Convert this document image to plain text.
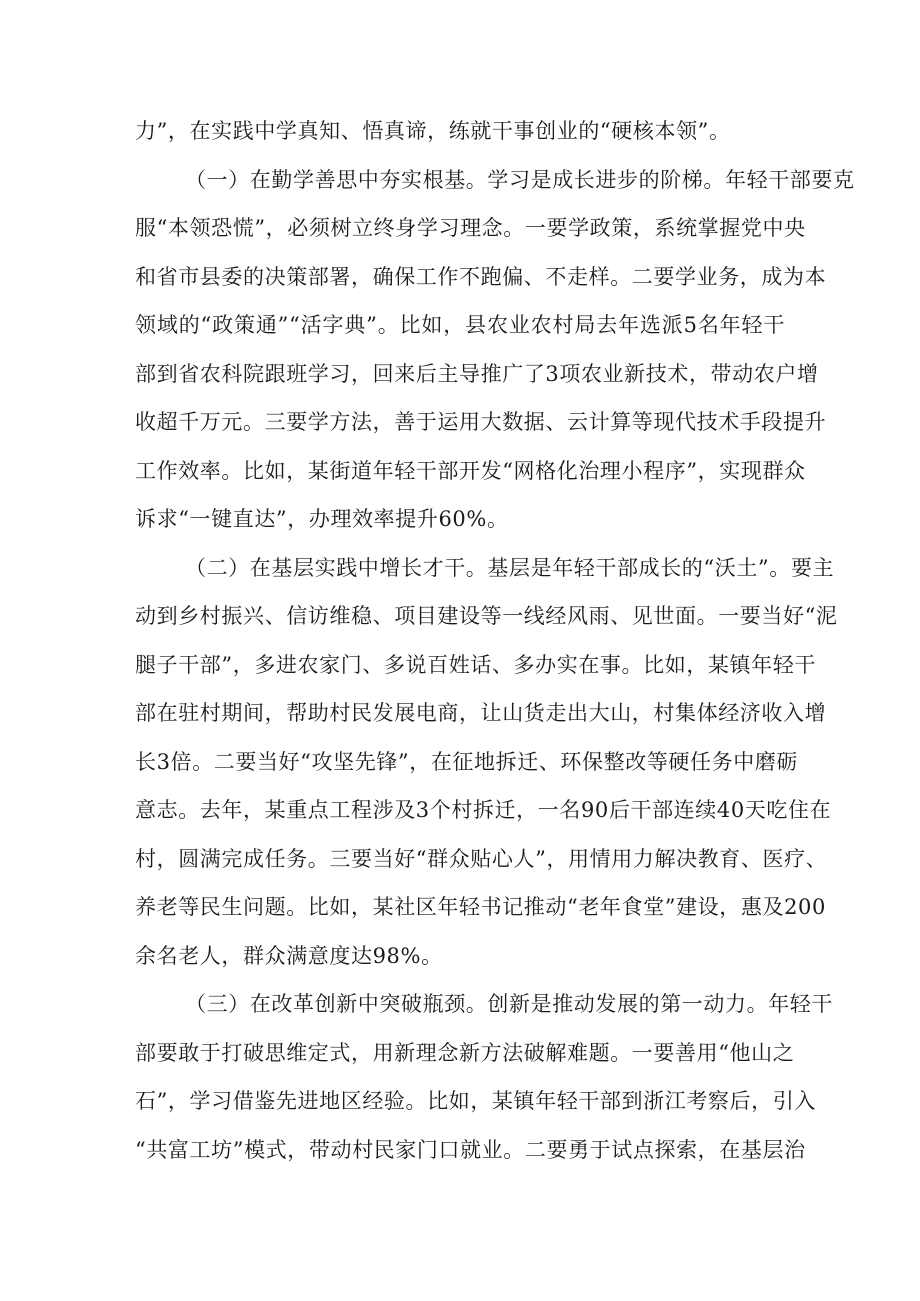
力”，在实践中学真知、悟真谛，练就干事创业的“硬核本领”。
（一）在勤学善思中夯实根基。学习是成长进步的阶梯。年轻干部要克
服“本领恐慌”，必须树立终身学习理念。一要学政策，系统掌握党中央
和省市县委的决策部署，确保工作不跑偏、不走样。二要学业务，成为本
领域的“政策通”“活字典”。比如，县农业农村局去年选派5名年轻干
部到省农科院跟班学习，回来后主导推广了3项农业新技术，带动农户增
收超千万元。三要学方法，善于运用大数据、云计算等现代技术手段提升
工作效率。比如，某街道年轻干部开发“网格化治理小程序”，实现群众
诉求“一键直达”，办理效率提升60%。
（二）在基层实践中增长才干。基层是年轻干部成长的“沃土”。要主
动到乡村振兴、信访维稳、项目建设等一线经风雨、见世面。一要当好“泥
腿子干部”，多进农家门、多说百姓话、多办实在事。比如，某镇年轻干
部在驻村期间，帮助村民发展电商，让山货走出大山，村集体经济收入增
长3倍。二要当好“攻坚先锋”，在征地拆迁、环保整改等硬任务中磨砺
意志。去年，某重点工程涉及3个村拆迁，一名90后干部连续40天吃住在
村，圆满完成任务。三要当好“群众贴心人”，用情用力解决教育、医疗、
养老等民生问题。比如，某社区年轻书记推动“老年食堂”建设，惠及200
余名老人，群众满意度达98%。
（三）在改革创新中突破瓶颈。创新是推动发展的第一动力。年轻干
部要敢于打破思维定式，用新理念新方法破解难题。一要善用“他山之
石”，学习借鉴先进地区经验。比如，某镇年轻干部到浙江考察后，引入
“共富工坊”模式，带动村民家门口就业。二要勇于试点探索，在基层治
